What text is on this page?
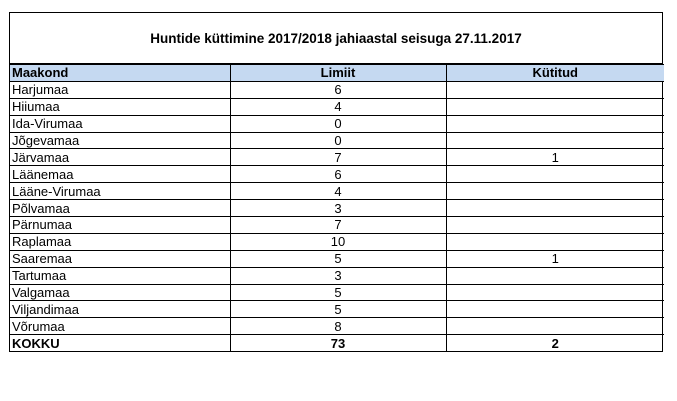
Huntide küttimine 2017/2018 jahiaastal seisuga 27.11.2017
Maakond	Limiit	Kütitud
Harjumaa	6	
Hiiumaa	4	
Ida-Virumaa	0	
Jõgevamaa	0	
Järvamaa	7	1
Läänemaa	6	
Lääne-Virumaa	4	
Põlvamaa	3	
Pärnumaa	7	
Raplamaa	10	
Saaremaa	5	1
Tartumaa	3	
Valgamaa	5	
Viljandimaa	5	
Võrumaa	8	
KOKKU	73	2
